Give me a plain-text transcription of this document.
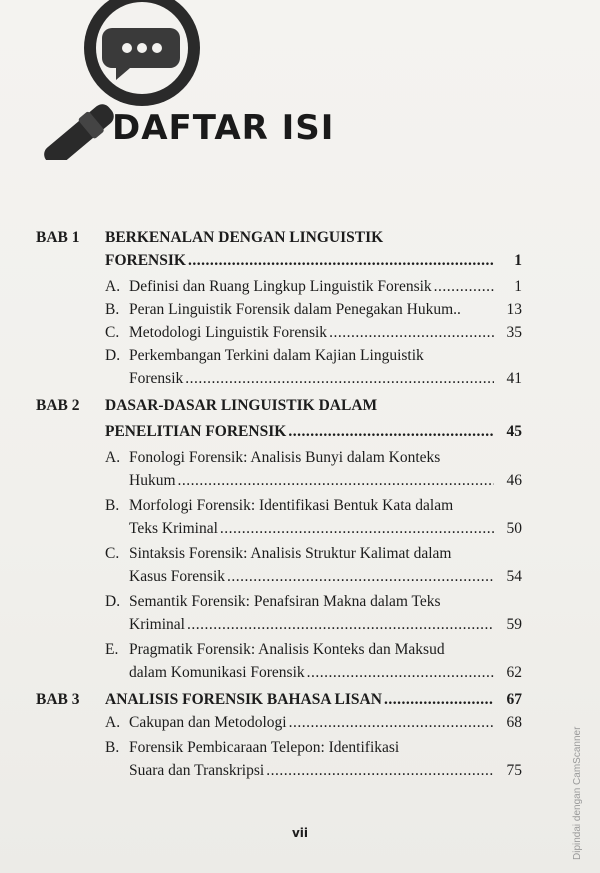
DAFTAR ISI
BAB 1 BERKENALAN DENGAN LINGUISTIK
FORENSIK .....	1
A. Definisi dan Ruang Lingkup Linguistik Forensik .....	1
B. Peran Linguistik Forensik dalam Penegakan Hukum..	13
C. Metodologi Linguistik Forensik .....	35
D. Perkembangan Terkini dalam Kajian Linguistik
Forensik .....	41
BAB 2 DASAR-DASAR LINGUISTIK DALAM
PENELITIAN FORENSIK .....	45
A. Fonologi Forensik: Analisis Bunyi dalam Konteks
Hukum .....	46
B. Morfologi Forensik: Identifikasi Bentuk Kata dalam
Teks Kriminal .....	50
C. Sintaksis Forensik: Analisis Struktur Kalimat dalam
Kasus Forensik .....	54
D. Semantik Forensik: Penafsiran Makna dalam Teks
Kriminal .....	59
E. Pragmatik Forensik: Analisis Konteks dan Maksud
dalam Komunikasi Forensik .....	62
BAB 3 ANALISIS FORENSIK BAHASA LISAN .....	67
A. Cakupan dan Metodologi .....	68
B. Forensik Pembicaraan Telepon: Identifikasi
Suara dan Transkripsi .....	75
vii	Dipindai dengan CamScanner
